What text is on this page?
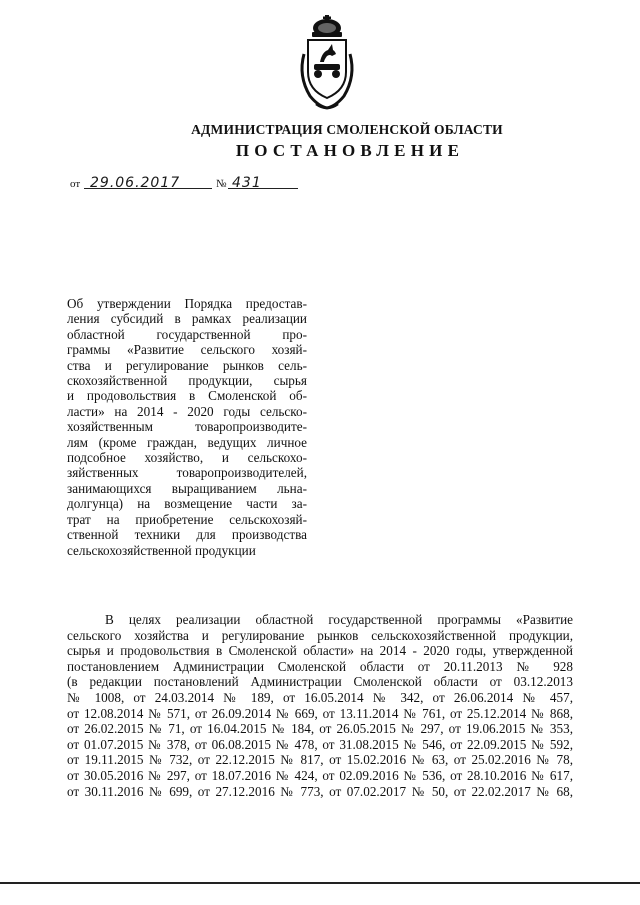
АДМИНИСТРАЦИЯ СМОЛЕНСКОЙ ОБЛАСТИ
ПОСТАНОВЛЕНИЕ
от 29.06.2017	№ 431
Об утверждении Порядка предостав-
ления субсидий в рамках реализации
областной государственной про-
граммы «Развитие сельского хозяй-
ства и регулирование рынков сель-
скохозяйственной продукции, сырья
и продовольствия в Смоленской об-
ласти» на 2014 - 2020 годы сельско-
хозяйственным товаропроизводите-
лям (кроме граждан, ведущих личное
подсобное хозяйство, и сельскохо-
зяйственных товаропроизводителей,
занимающихся выращиванием льна-
долгунца) на возмещение части за-
трат на приобретение сельскохозяй-
ственной техники для производства
сельскохозяйственной продукции
В целях реализации областной государственной программы «Развитие
сельского хозяйства и регулирование рынков сельскохозяйственной продукции,
сырья и продовольствия в Смоленской области» на 2014 - 2020 годы, утвержденной
постановлением Администрации Смоленской области от 20.11.2013 № 928
(в редакции постановлений Администрации Смоленской области от 03.12.2013
№ 1008, от 24.03.2014 № 189, от 16.05.2014 № 342, от 26.06.2014 № 457,
от 12.08.2014 № 571, от 26.09.2014 № 669, от 13.11.2014 № 761, от 25.12.2014 № 868,
от 26.02.2015 № 71, от 16.04.2015 № 184, от 26.05.2015 № 297, от 19.06.2015 № 353,
от 01.07.2015 № 378, от 06.08.2015 № 478, от 31.08.2015 № 546, от 22.09.2015 № 592,
от 19.11.2015 № 732, от 22.12.2015 № 817, от 15.02.2016 № 63, от 25.02.2016 № 78,
от 30.05.2016 № 297, от 18.07.2016 № 424, от 02.09.2016 № 536, от 28.10.2016 № 617,
от 30.11.2016 № 699, от 27.12.2016 № 773, от 07.02.2017 № 50, от 22.02.2017 № 68,
